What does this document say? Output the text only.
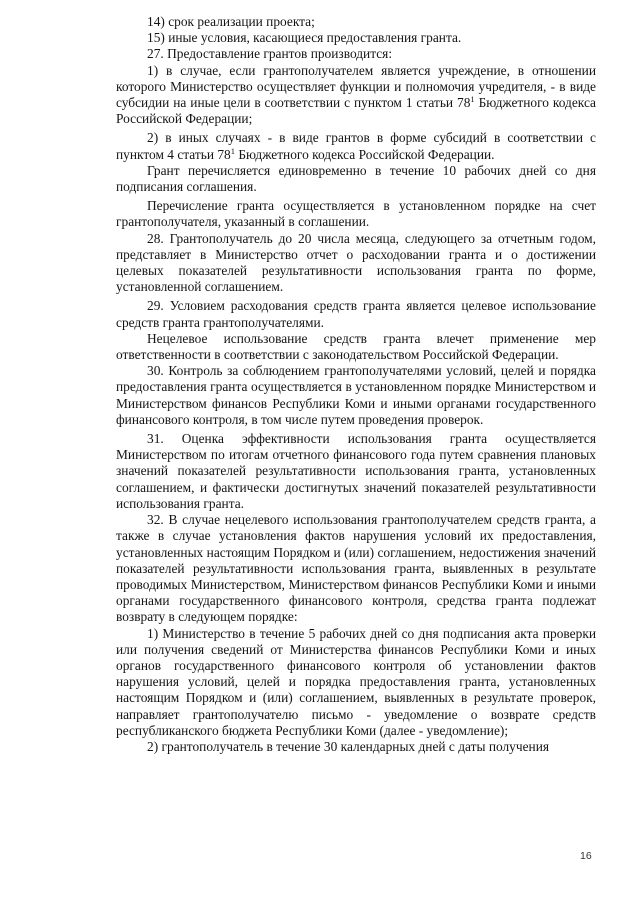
14) срок реализации проекта;

15) иные условия, касающиеся предоставления гранта.

27. Предоставление грантов производится:

1) в случае, если грантополучателем является учреждение, в отношении которого Министерство осуществляет функции и полномочия учредителя, - в виде субсидии на иные цели в соответствии с пунктом 1 статьи $78^1$ Бюджетного кодекса Российской Федерации;

2) в иных случаях - в виде грантов в форме субсидий в соответствии с пунктом 4 статьи $78^1$ Бюджетного кодекса Российской Федерации.

Грант перечисляется единовременно в течение 10 рабочих дней со дня подписания соглашения.

Перечисление гранта осуществляется в установленном порядке на счет грантополучателя, указанный в соглашении.

28. Грантополучатель до 20 числа месяца, следующего за отчетным годом, представляет в Министерство отчет о расходовании гранта и о достижении целевых показателей результативности использования гранта по форме, установленной соглашением.

29. Условием расходования средств гранта является целевое использование средств гранта грантополучателями.

Нецелевое использование средств гранта влечет применение мер ответственности в соответствии с законодательством Российской Федерации.

30. Контроль за соблюдением грантополучателями условий, целей и порядка предоставления гранта осуществляется в установленном порядке Министерством и Министерством финансов Республики Коми и иными органами государственного финансового контроля, в том числе путем проведения проверок.

31. Оценка эффективности использования гранта осуществляется Министерством по итогам отчетного финансового года путем сравнения плановых значений показателей результативности использования гранта, установленных соглашением, и фактически достигнутых значений показателей результативности использования гранта.

32. В случае нецелевого использования грантополучателем средств гранта, а также в случае установления фактов нарушения условий их предоставления, установленных настоящим Порядком и (или) соглашением, недостижения значений показателей результативности использования гранта, выявленных в результате проводимых Министерством, Министерством финансов Республики Коми и иными органами государственного финансового контроля, средства гранта подлежат возврату в следующем порядке:

1) Министерство в течение 5 рабочих дней со дня подписания акта проверки или получения сведений от Министерства финансов Республики Коми и иных органов государственного финансового контроля об установлении фактов нарушения условий, целей и порядка предоставления гранта, установленных настоящим Порядком и (или) соглашением, выявленных в результате проверок, направляет грантополучателю письмо - уведомление о возврате средств республиканского бюджета Республики Коми (далее - уведомление);

2) грантополучатель в течение 30 календарных дней с даты получения

16
